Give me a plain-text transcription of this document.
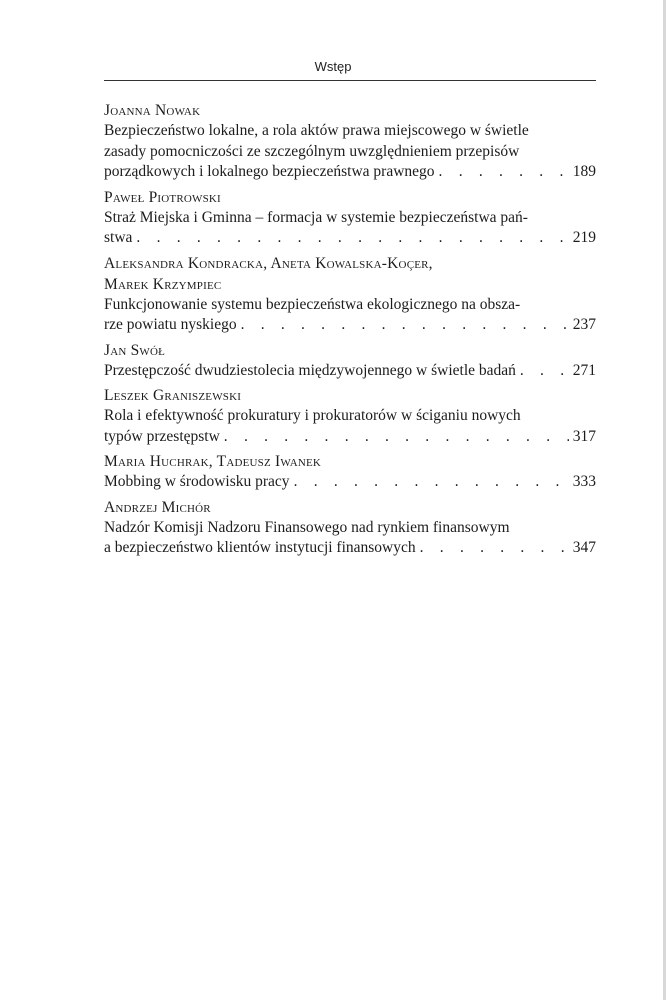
Wstęp
Joanna Nowak
Bezpieczeństwo lokalne, a rola aktów prawa miejscowego w świetle
zasady pomocniczości ze szczególnym uwzględnieniem przepisów
porządkowych i lokalnego bezpieczeństwa prawnego . . .	189
Paweł Piotrowski
Straż Miejska i Gminna – formacja w systemie bezpieczeństwa pań-
stwa . . .	219
Aleksandra Kondracka, Aneta Kowalska-Koçer,
Marek Krzympiec
Funkcjonowanie systemu bezpieczeństwa ekologicznego na obsza-
rze powiatu nyskiego . . .	237
Jan Swół
Przestępczość dwudziestolecia międzywojennego w świetle badań . . .	271
Leszek Graniszewski
Rola i efektywność prokuratury i prokuratorów w ściganiu nowych
typów przestępstw . . .	317
Maria Huchrak, Tadeusz Iwanek
Mobbing w środowisku pracy . . .	333
Andrzej Michór
Nadzór Komisji Nadzoru Finansowego nad rynkiem finansowym
a bezpieczeństwo klientów instytucji finansowych . . .	347
